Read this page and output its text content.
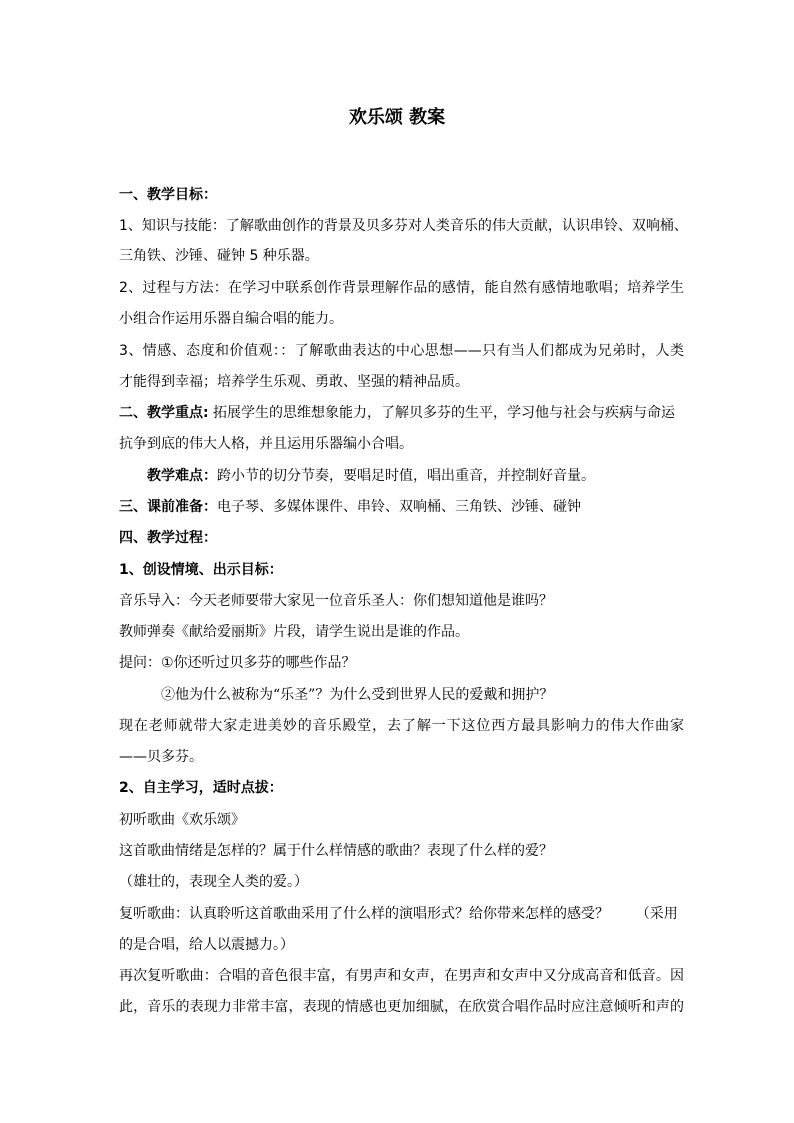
欢乐颂 教案
一、教学目标：
1、知识与技能：了解歌曲创作的背景及贝多芬对人类音乐的伟大贡献，认识串铃、双响桶、
三角铁、沙锤、碰钟 5 种乐器。
2、过程与方法：在学习中联系创作背景理解作品的感情，能自然有感情地歌唱；培养学生
小组合作运用乐器自编合唱的能力。
3、情感、态度和价值观：：了解歌曲表达的中心思想——只有当人们都成为兄弟时，人类
才能得到幸福；培养学生乐观、勇敢、坚强的精神品质。
二、教学重点: 拓展学生的思维想象能力，了解贝多芬的生平，学习他与社会与疾病与命运
抗争到底的伟大人格，并且运用乐器编小合唱。
教学难点：跨小节的切分节奏，要唱足时值，唱出重音，并控制好音量。
三、课前准备：电子琴、多媒体课件、串铃、双响桶、三角铁、沙锤、碰钟
四、教学过程：
1、创设情境、出示目标：
音乐导入：今天老师要带大家见一位音乐圣人：你们想知道他是谁吗？
教师弹奏《献给爱丽斯》片段，请学生说出是谁的作品。
提问：①你还听过贝多芬的哪些作品？
②他为什么被称为“乐圣”？为什么受到世界人民的爱戴和拥护？
现在老师就带大家走进美妙的音乐殿堂，去了解一下这位西方最具影响力的伟大作曲家
——贝多芬。
2、自主学习，适时点拔：
初听歌曲《欢乐颂》
这首歌曲情绪是怎样的？属于什么样情感的歌曲？表现了什么样的爱？
（雄壮的，表现全人类的爱。）
复听歌曲：认真聆听这首歌曲采用了什么样的演唱形式？给你带来怎样的感受？      （采用
的是合唱，给人以震撼力。）
再次复听歌曲：合唱的音色很丰富，有男声和女声，在男声和女声中又分成高音和低音。因
此，音乐的表现力非常丰富，表现的情感也更加细腻，在欣赏合唱作品时应注意倾听和声的
